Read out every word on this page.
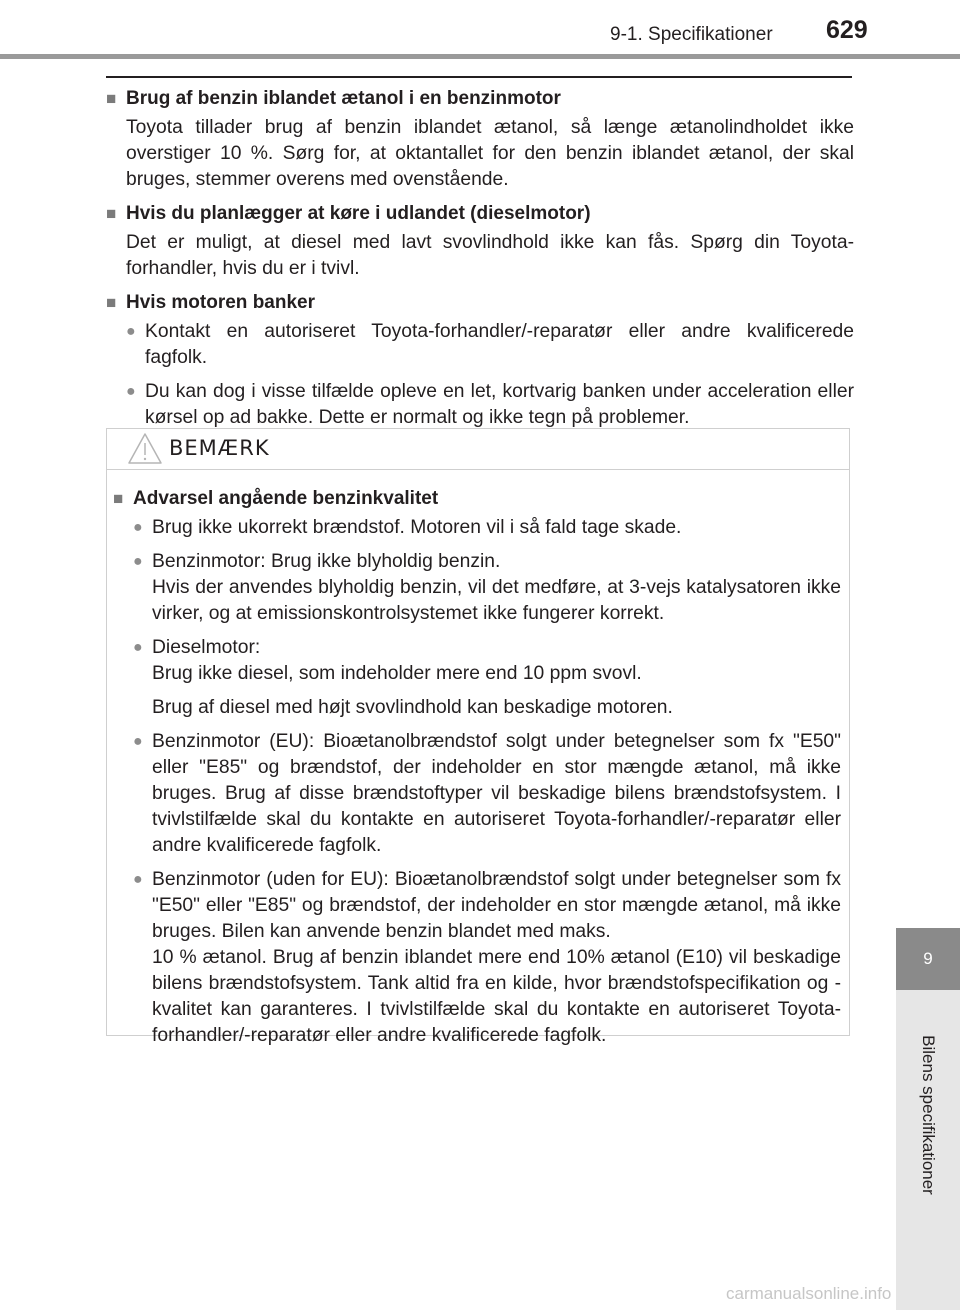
9-1. Specifikationer 629
■ Brug af benzin iblandet ætanol i en benzinmotor

Toyota tillader brug af benzin iblandet ætanol, så længe ætanolindholdet ikke overstiger 10 %. Sørg for, at oktantallet for den benzin iblandet ætanol, der skal bruges, stemmer overens med ovenstående.

■ Hvis du planlægger at køre i udlandet (dieselmotor)

Det er muligt, at diesel med lavt svovlindhold ikke kan fås. Spørg din Toyota-forhandler, hvis du er i tvivl.

■ Hvis motoren banker
● Kontakt en autoriseret Toyota-forhandler/-reparatør eller andre kvalificerede fagfolk.
● Du kan dog i visse tilfælde opleve en let, kortvarig banken under acceleration eller kørsel op ad bakke. Dette er normalt og ikke tegn på problemer.
BEMÆRK
■ Advarsel angående benzinkvalitet
● Brug ikke ukorrekt brændstof. Motoren vil i så fald tage skade.
● Benzinmotor: Brug ikke blyholdig benzin.
Hvis der anvendes blyholdig benzin, vil det medføre, at 3-vejs katalysatoren ikke virker, og at emissionskontrolsystemet ikke fungerer korrekt.
● Dieselmotor:
Brug ikke diesel, som indeholder mere end 10 ppm svovl.

Brug af diesel med højt svovlindhold kan beskadige motoren.

● Benzinmotor (EU): Bioætanolbrændstof solgt under betegnelser som fx "E50" eller "E85" og brændstof, der indeholder en stor mængde ætanol, må ikke bruges. Brug af disse brændstoftyper vil beskadige bilens brændstofsystem. I tvivlstilfælde skal du kontakte en autoriseret Toyota-forhandler/-reparatør eller andre kvalificerede fagfolk.
● Benzinmotor (uden for EU): Bioætanolbrændstof solgt under betegnelser som fx "E50" eller "E85" og brændstof, der indeholder en stor mængde ætanol, må ikke bruges. Bilen kan anvende benzin blandet med maks.
10 % ætanol. Brug af benzin iblandet mere end 10% ætanol (E10) vil beskadige bilens brændstofsystem. Tank altid fra en kilde, hvor brændstofspecifikation og -kvalitet kan garanteres. I tvivlstilfælde skal du kontakte en autoriseret Toyota-forhandler/-reparatør eller andre kvalificerede fagfolk.
9
Bilens specifikationer
carmanualsonline.info
